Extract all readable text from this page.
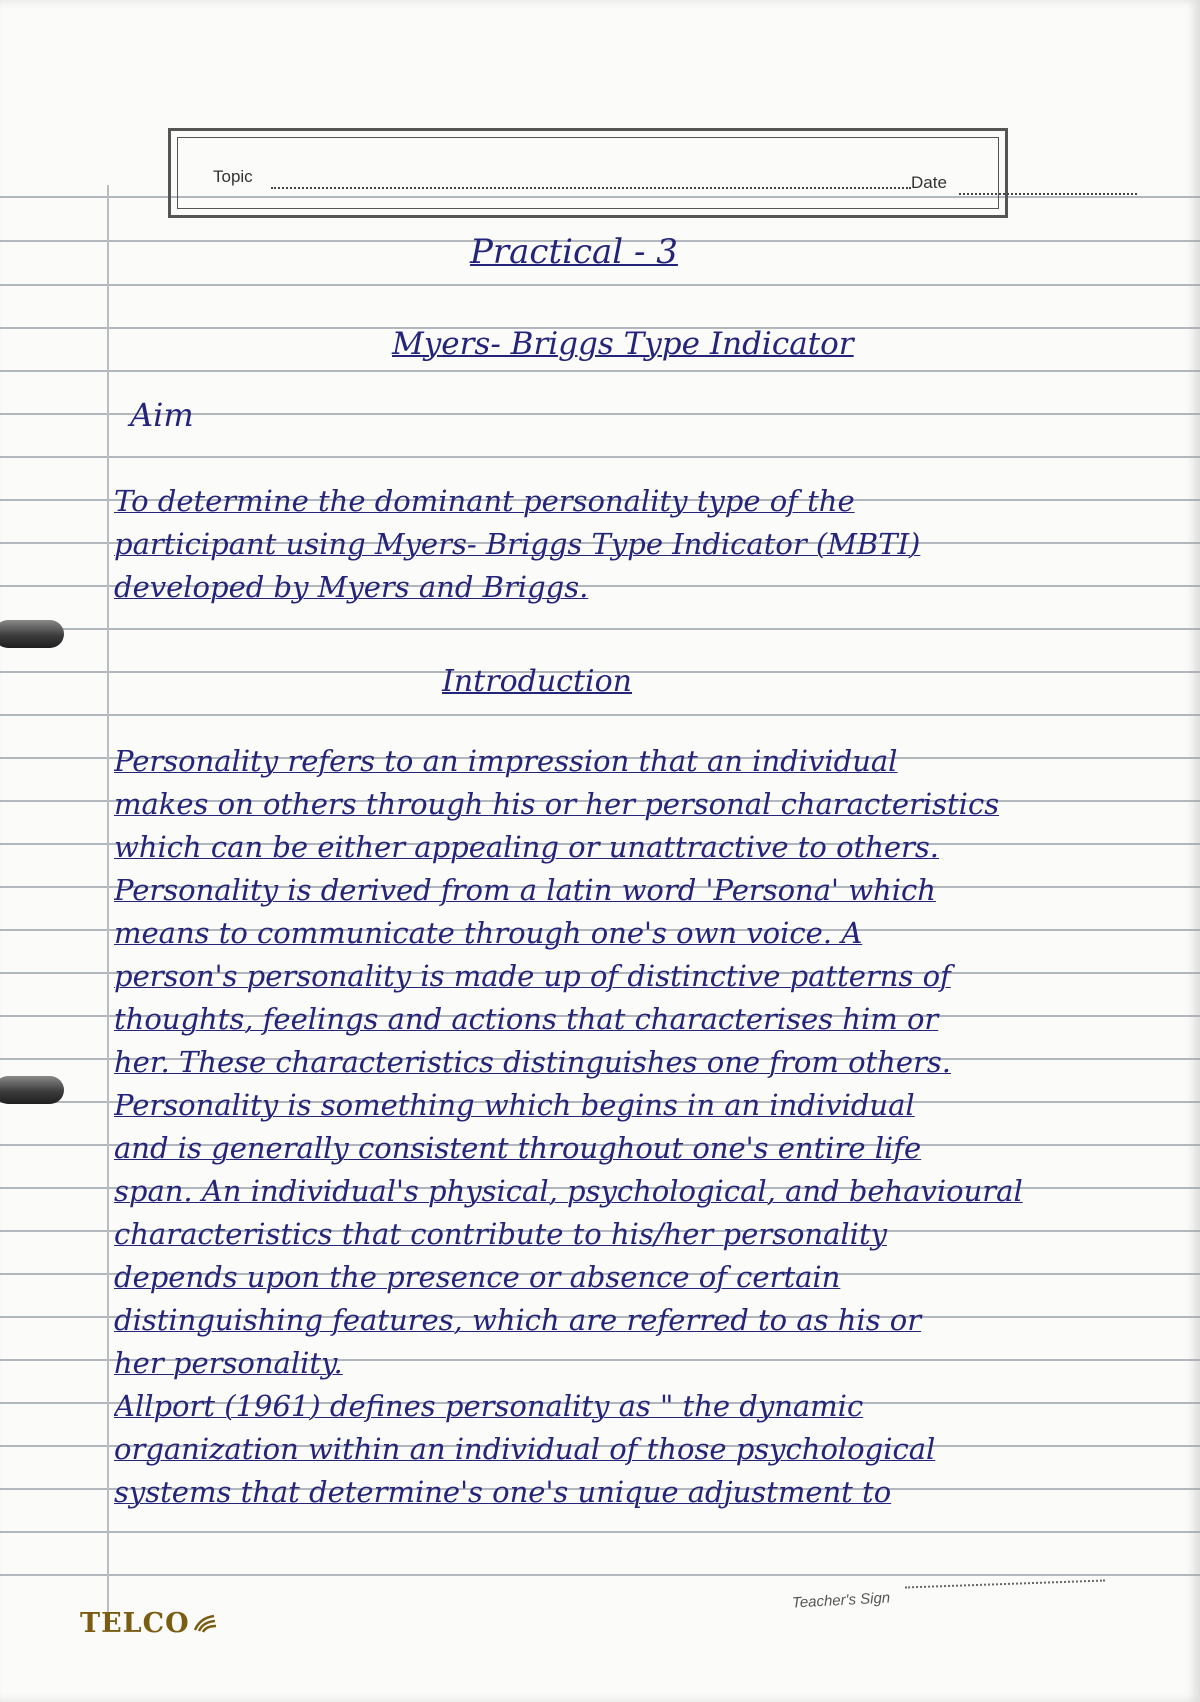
Topic	Date
Practical - 3
Myers- Briggs Type Indicator
Aim
To determine the dominant personality type of the
participant using Myers- Briggs Type Indicator (MBTI)
developed by Myers and Briggs.
Introduction
Personality refers to an impression that an individual
makes on others through his or her personal characteristics
which can be either appealing or unattractive to others.
Personality is derived from a latin word 'Persona' which
means to communicate through one's own voice. A
person's personality is made up of distinctive patterns of
thoughts, feelings and actions that characterises him or
her. These characteristics distinguishes one from others.
Personality is something which begins in an individual
and is generally consistent throughout one's entire life
span. An individual's physical, psychological, and behavioural
characteristics that contribute to his/her personality
depends upon the presence or absence of certain
distinguishing features, which are referred to as his or
her personality.
Allport (1961) defines personality as " the dynamic
organization within an individual of those psychological
systems that determine's one's unique adjustment to
Teacher's Sign
TELCO
